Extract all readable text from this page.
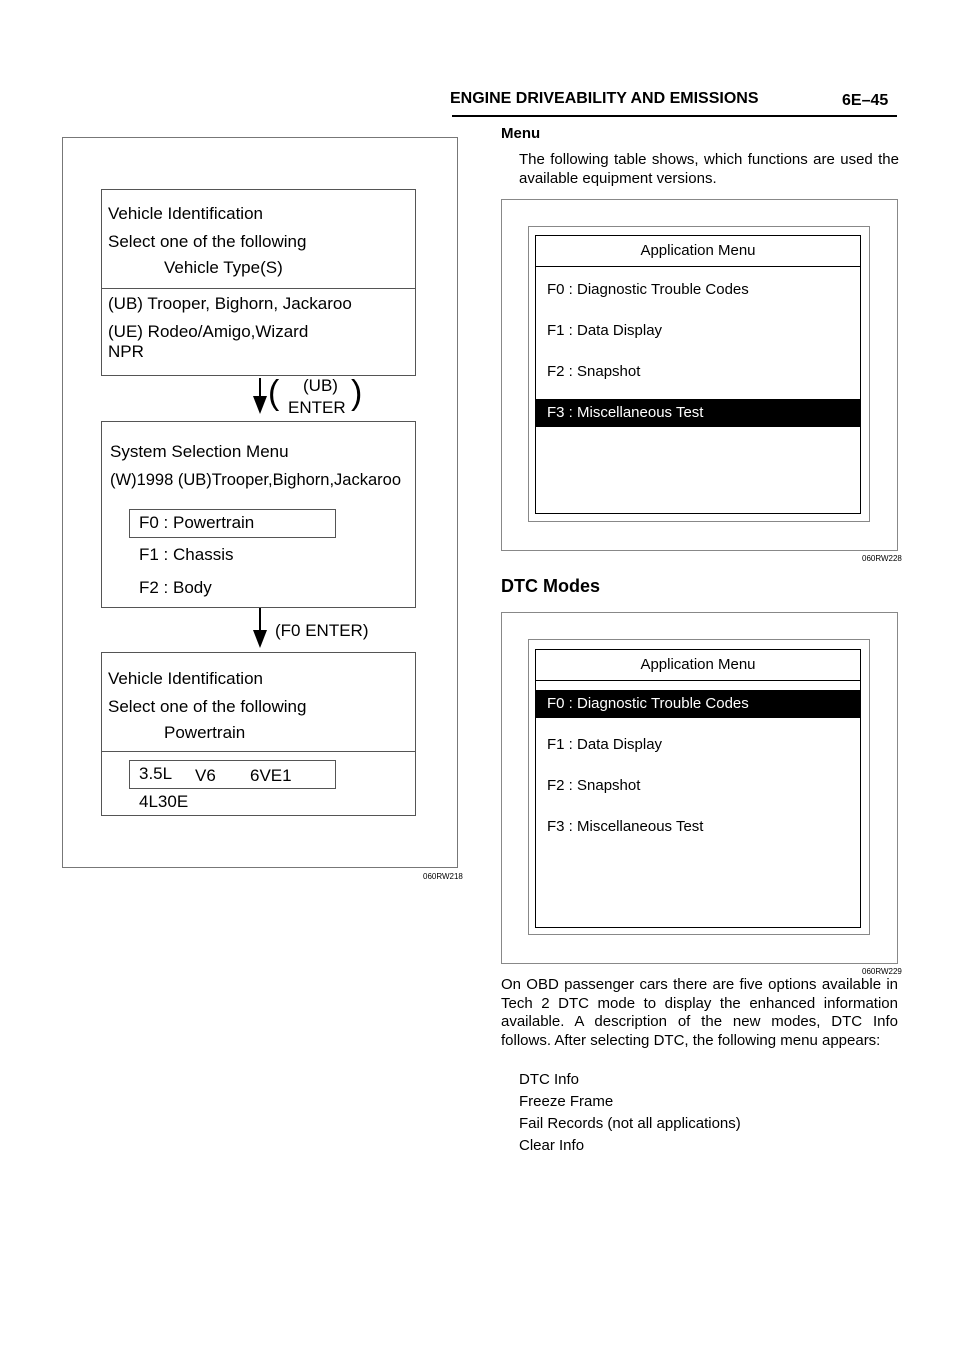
ENGINE DRIVEABILITY AND EMISSIONS	6E–45
Vehicle Identification
Select one of the following
Vehicle Type(S)
(UB) Trooper, Bighorn, Jackaroo
(UE) Rodeo/Amigo,Wizard
NPR
( (UB)
ENTER )
System Selection Menu
(W)1998 (UB)Trooper,Bighorn,Jackaroo
F0 : Powertrain
F1 : Chassis
F2 : Body
(F0 ENTER)
Vehicle Identification
Select one of the following
Powertrain
3.5L V6 6VE1
4L30E
060RW218
Menu
The following table shows, which functions are used the available equipment versions.
Application Menu
F0 : Diagnostic Trouble Codes
F1 : Data Display
F2 : Snapshot
F3 : Miscellaneous Test
060RW228
DTC Modes
Application Menu
F0 : Diagnostic Trouble Codes
F1 : Data Display
F2 : Snapshot
F3 : Miscellaneous Test
060RW229
On OBD passenger cars there are five options available in Tech 2 DTC mode to display the enhanced information available. A description of the new modes, DTC Info follows. After selecting DTC, the following menu appears:
DTC Info
Freeze Frame
Fail Records (not all applications)
Clear Info
